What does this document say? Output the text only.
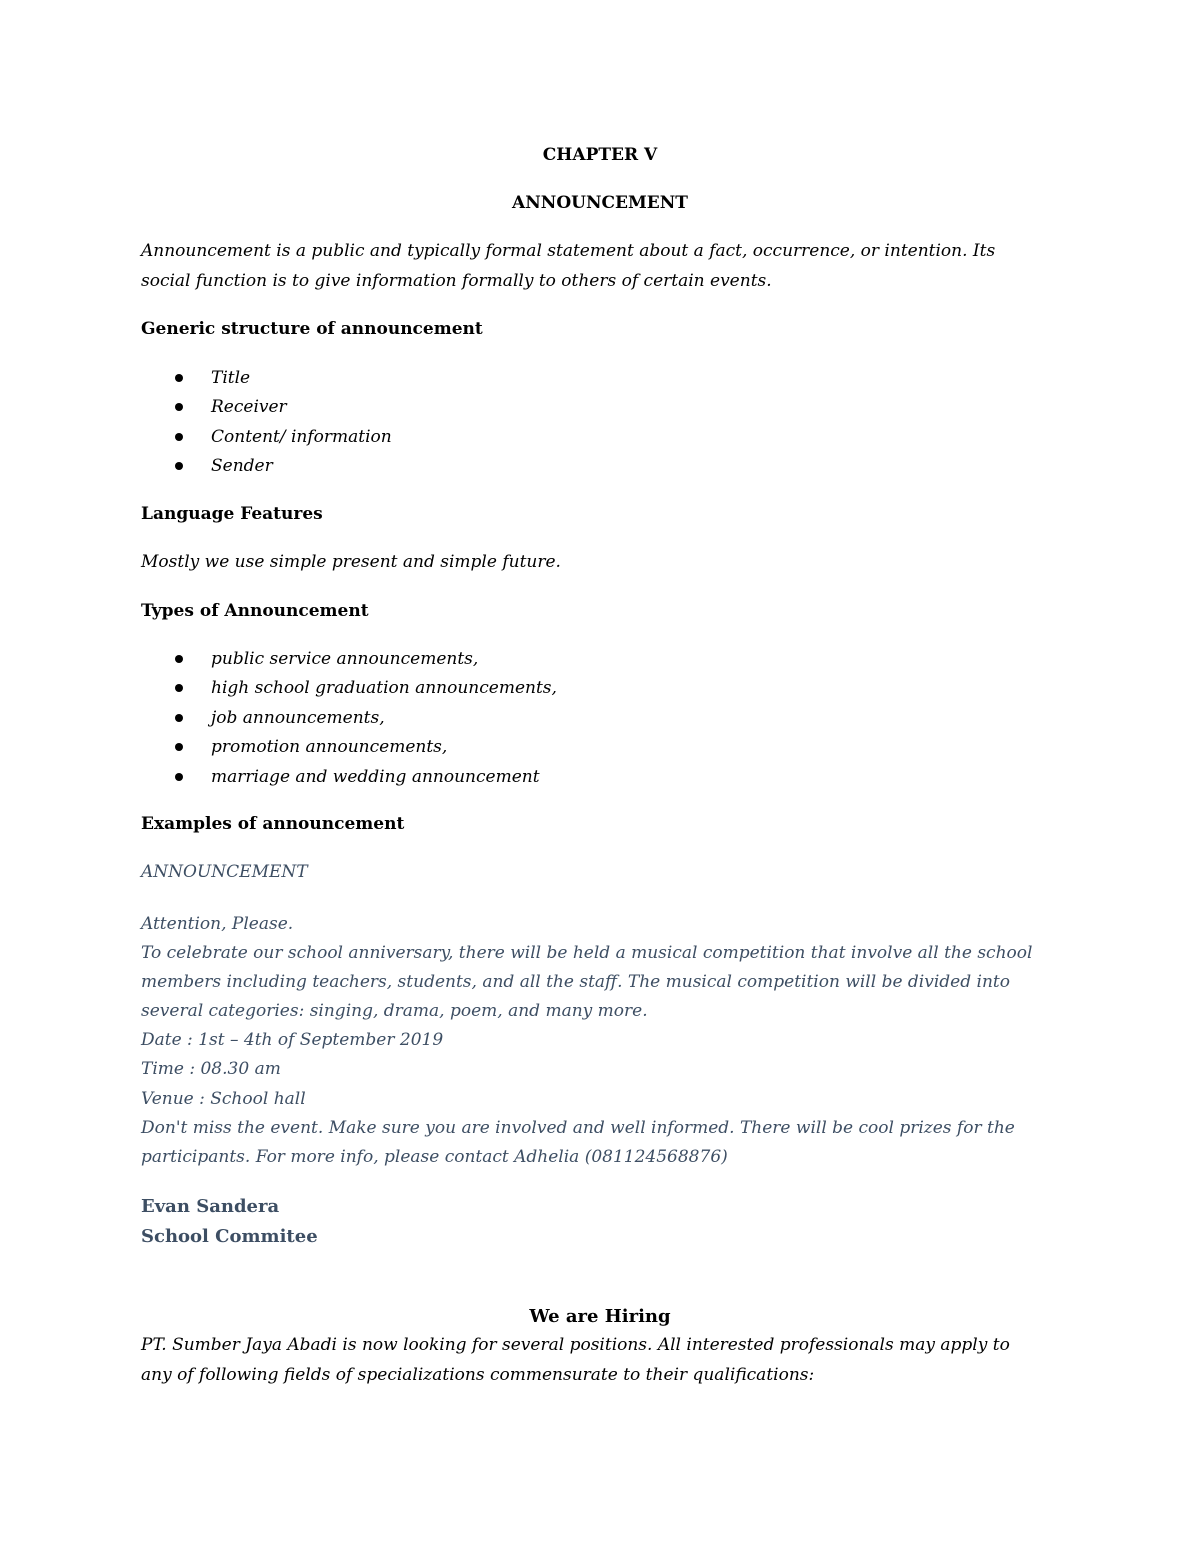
CHAPTER V
ANNOUNCEMENT
Announcement is a public and typically formal statement about a fact, occurrence, or intention. Its
social function is to give information formally to others of certain events.
Generic structure of announcement
Title
Receiver
Content/ information
Sender
Language Features
Mostly we use simple present and simple future.
Types of Announcement
public service announcements,
high school graduation announcements,
job announcements,
promotion announcements,
marriage and wedding announcement
Examples of announcement
ANNOUNCEMENT
Attention, Please.
To celebrate our school anniversary, there will be held a musical competition that involve all the school
members including teachers, students, and all the staff. The musical competition will be divided into
several categories: singing, drama, poem, and many more.
Date : 1st – 4th of September 2019
Time : 08.30 am
Venue : School hall
Don't miss the event. Make sure you are involved and well informed. There will be cool prizes for the
participants. For more info, please contact Adhelia (081124568876)
Evan Sandera
School Commitee
We are Hiring
PT. Sumber Jaya Abadi is now looking for several positions. All interested professionals may apply to
any of following fields of specializations commensurate to their qualifications:
